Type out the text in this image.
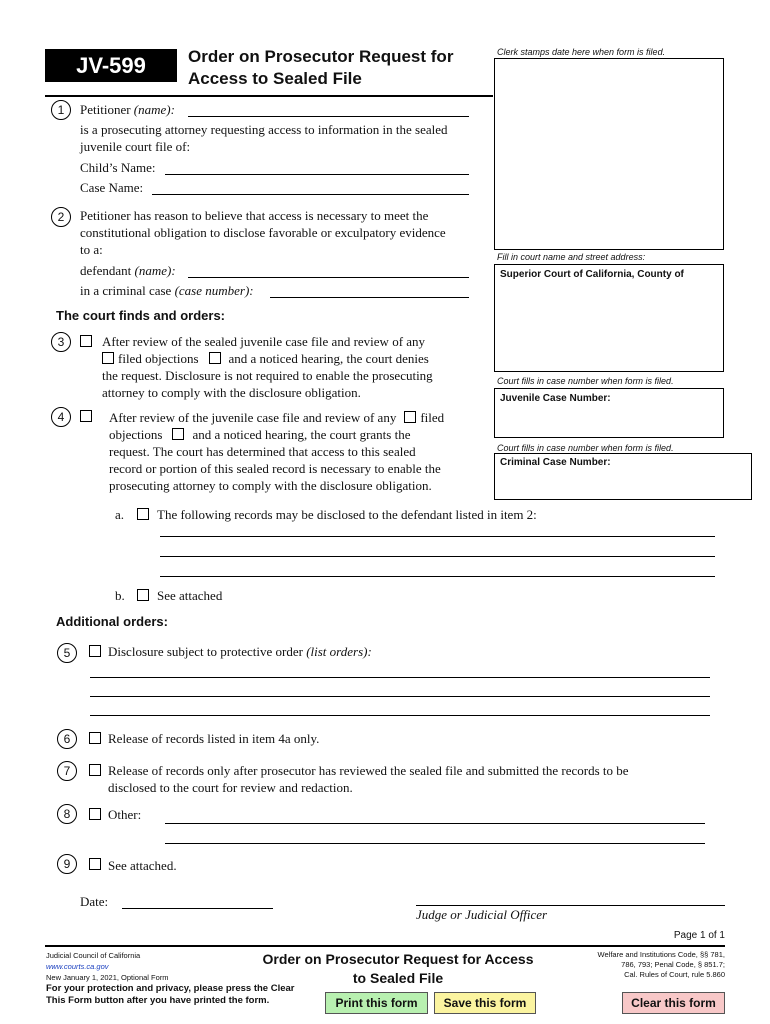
JV-599	Order on Prosecutor Request for
Access to Sealed File
Clerk stamps date here when form is filed.
Fill in court name and street address:
Superior Court of California, County of
Court fills in case number when form is filed.
Juvenile Case Number:
Court fills in case number when form is filed.
Criminal Case Number:
1	Petitioner (name):
is a prosecuting attorney requesting access to information in the sealed
juvenile court file of:
Child’s Name:
Case Name:
2	Petitioner has reason to believe that access is necessary to meet the
constitutional obligation to disclose favorable or exculpatory evidence
to a:
defendant (name):
in a criminal case (case number):
The court finds and orders:
3	After review of the sealed juvenile case file and review of any
filed objections and a noticed hearing, the court denies
the request. Disclosure is not required to enable the prosecuting
attorney to comply with the disclosure obligation.
4	After review of the juvenile case file and review of any filed
objections and a noticed hearing, the court grants the
request. The court has determined that access to this sealed
record or portion of this sealed record is necessary to enable the
prosecuting attorney to comply with the disclosure obligation.
a.	The following records may be disclosed to the defendant listed in item 2:
b. See attached
Additional orders:
5	Disclosure subject to protective order (list orders):
6	Release of records listed in item 4a only.
7	Release of records only after prosecutor has reviewed the sealed file and submitted the records to be
disclosed to the court for review and redaction.
8	Other:
9	See attached.
Date:
Judge or Judicial Officer
Page 1 of 1
Judicial Council of California
www.courts.ca.gov
New January 1, 2021, Optional Form
Order on Prosecutor Request for Access
to Sealed File
Welfare and Institutions Code, §§ 781,
786, 793; Penal Code, § 851.7;
Cal. Rules of Court, rule 5.860
For your protection and privacy, please press the Clear
This Form button after you have printed the form.	Print this form	Save this form	Clear this form
